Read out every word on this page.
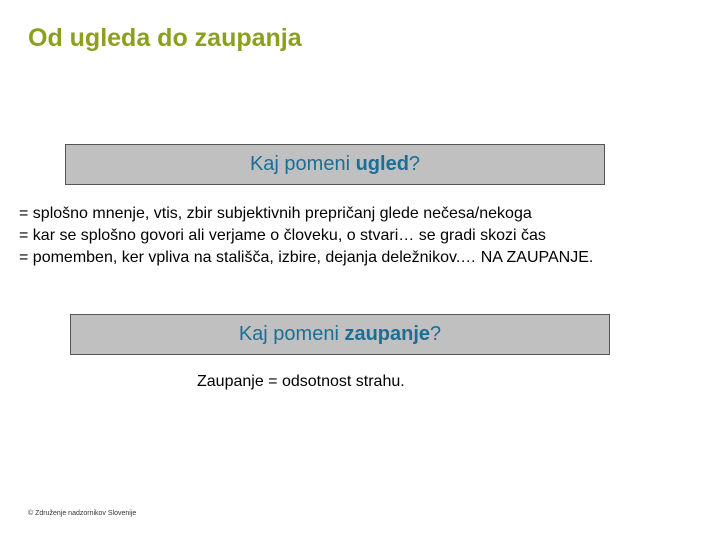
Od ugleda do zaupanja
Kaj pomeni
ugled ?
= splošno mnenje, vtis, zbir subjektivnih prepričanj glede nečesa/nekoga
= kar se splošno govori ali verjame o človeku, o stvari… se gradi skozi čas
= pomemben, ker vpliva na stališča, izbire, dejanja deležnikov.… NA ZAUPANJE.
Kaj pomeni
zaupanje ?
Zaupanje = odsotnost strahu.
© Združenje nadzornikov Slovenije
